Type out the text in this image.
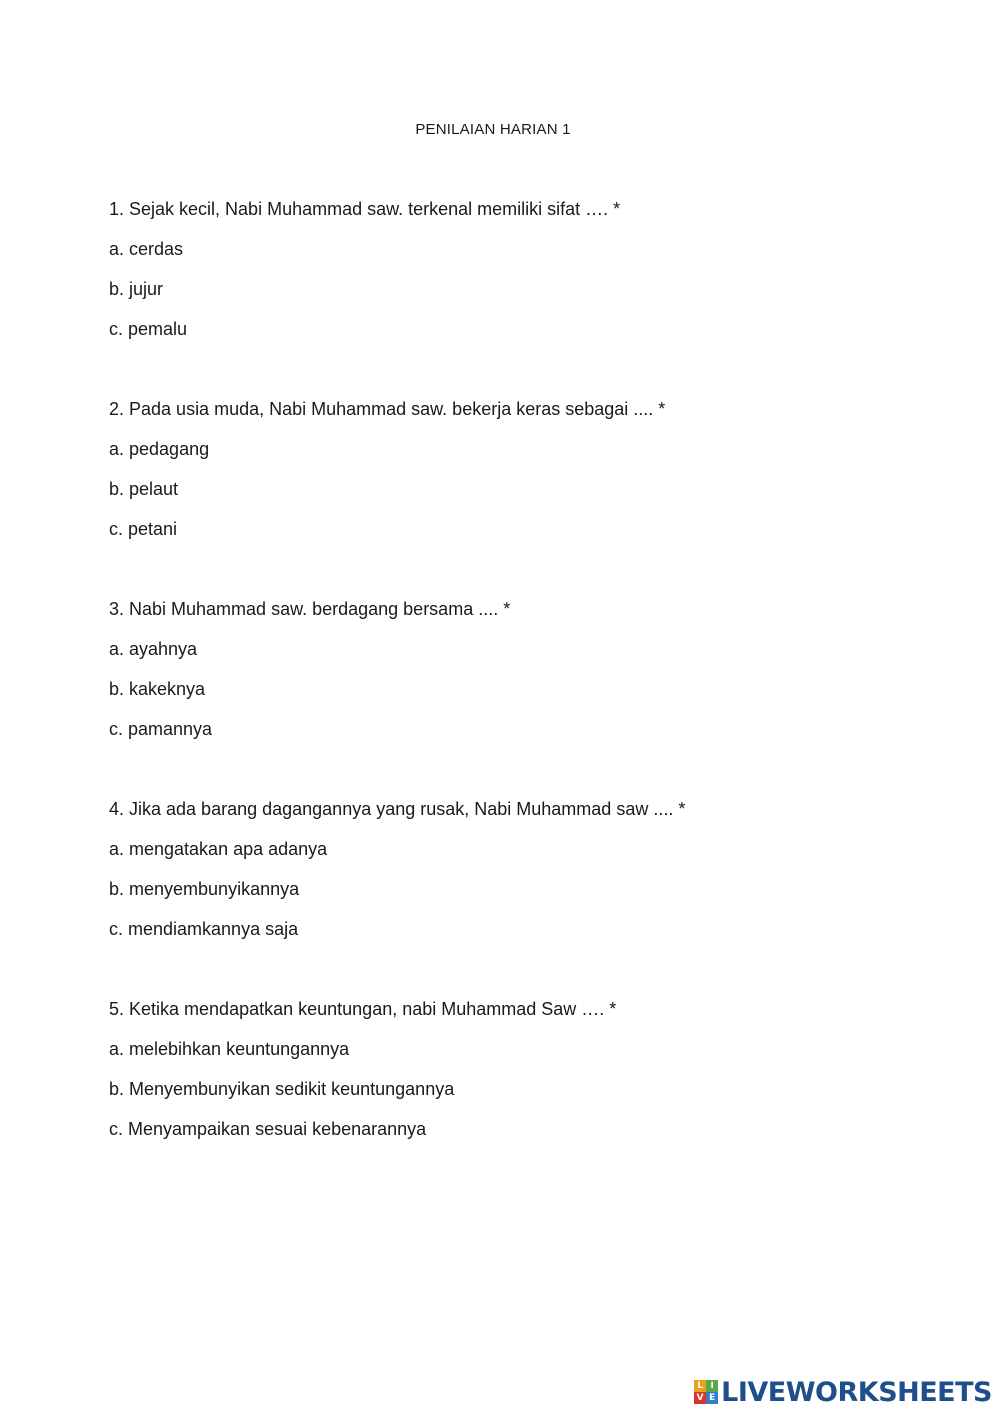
PENILAIAN HARIAN 1
1. Sejak kecil, Nabi Muhammad saw. terkenal memiliki sifat …. *
a. cerdas
b. jujur
c. pemalu
2. Pada usia muda, Nabi Muhammad saw. bekerja keras sebagai .... *
a. pedagang
b. pelaut
c. petani
3. Nabi Muhammad saw. berdagang bersama .... *
a. ayahnya
b. kakeknya
c. pamannya
4. Jika ada barang dagangannya yang rusak, Nabi Muhammad saw .... *
a. mengatakan apa adanya
b. menyembunyikannya
c. mendiamkannya saja
5. Ketika mendapatkan keuntungan, nabi Muhammad Saw …. *
a. melebihkan keuntungannya
b. Menyembunyikan sedikit keuntungannya
c. Menyampaikan sesuai kebenarannya
L I
V E LIVEWORKSHEETS
